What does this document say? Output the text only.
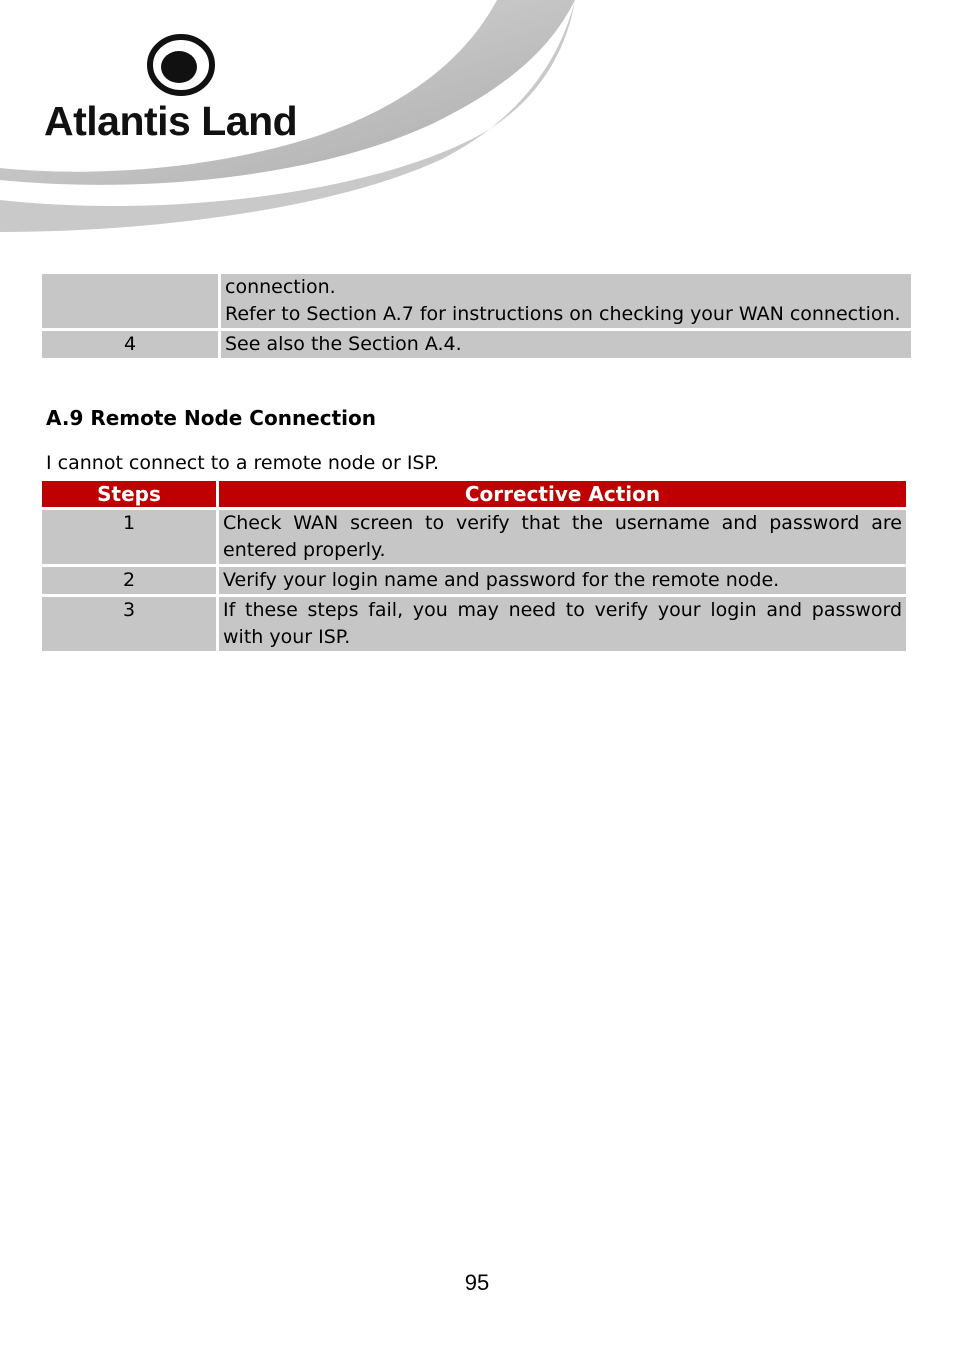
Atlantis Land

	connection.
Refer to Section A.7 for instructions on checking your WAN connection.

4	See also the Section A.4.
A.9 Remote Node Connection

I cannot connect to a remote node or ISP.

Steps	Corrective Action
1	Check WAN screen to verify that the username and password are entered properly.
2	Verify your login name and password for the remote node.
3	If these steps fail, you may need to verify your login and password with your ISP.
95
